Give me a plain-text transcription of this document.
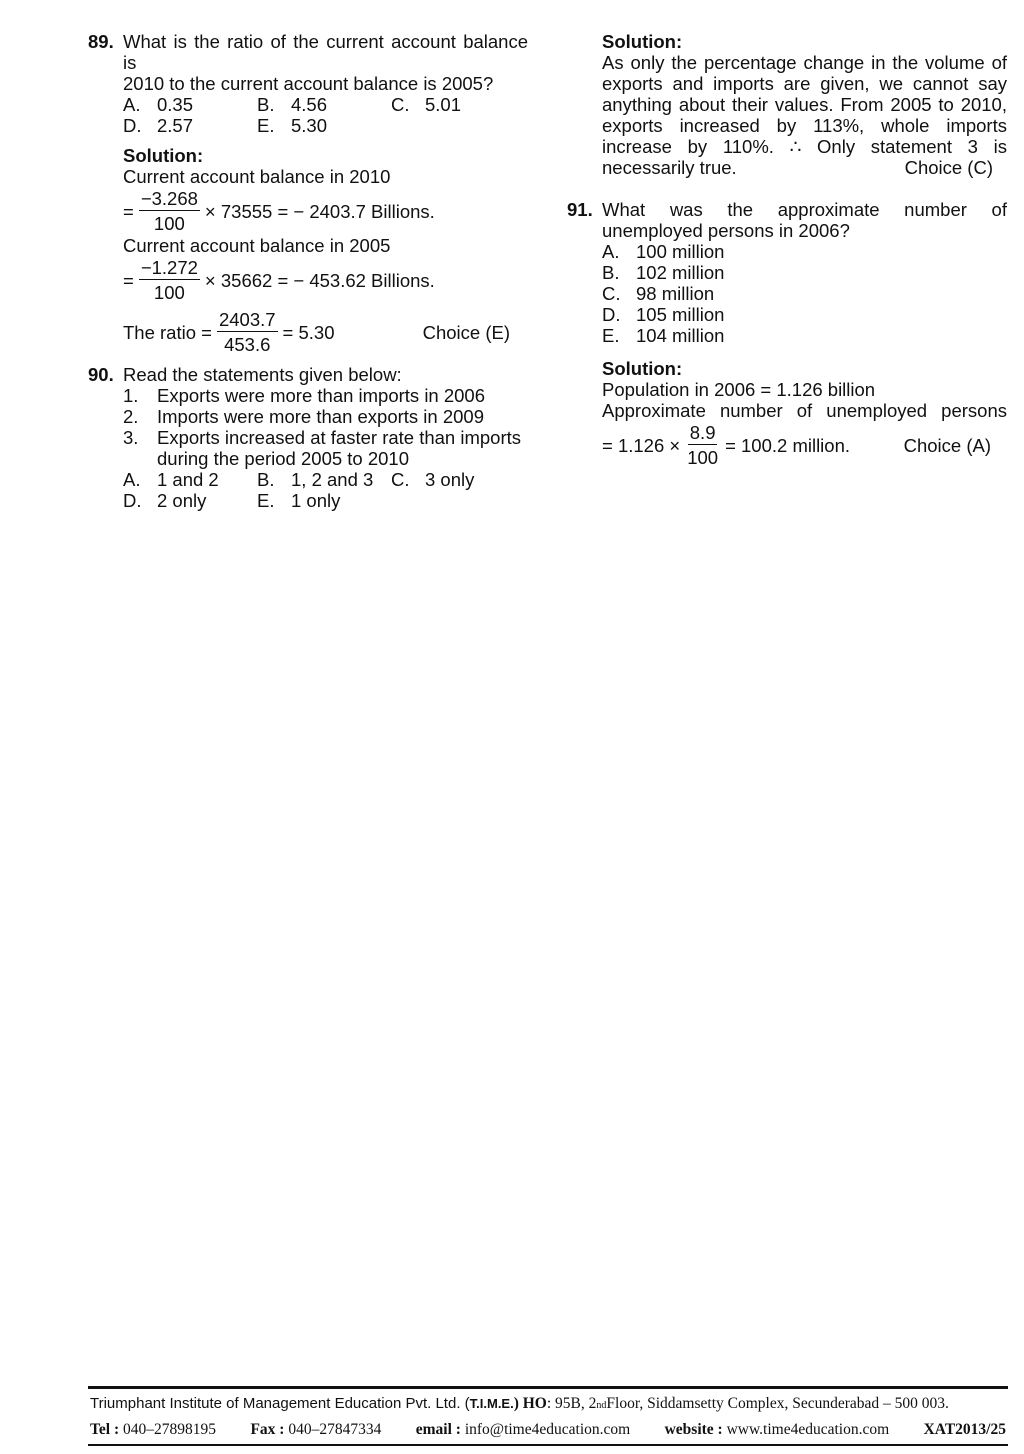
89. What is the ratio of the current account balance is
2010 to the current account balance is 2005?
A. 0.35	B. 4.56	C. 5.01
D. 2.57	E. 5.30
Solution:
Current account balance in 2010
= $\frac{-3.268}{100} \times 73555$ = − 2403.7 Billions.
Current account balance in 2005
= $\frac{-1.272}{100} \times 35662$ = − 453.62 Billions.
The ratio = $\frac{2403.7}{453.6} = 5.30$	Choice (E)
90. Read the statements given below:
1.	Exports were more than imports in 2006
2.	Imports were more than exports in 2009
3.	Exports increased at faster rate than imports
during the period 2005 to 2010
A. 1 and 2 B. 1, 2 and 3 C. 3 only
D. 2 only	E. 1 only
Solution:
As only the percentage change in the volume of
exports and imports are given, we cannot say
anything about their values. From 2005 to 2010,
exports increased by 113%, whole imports
increase by 110%. ∴ Only statement 3 is
necessarily true.	Choice (C)
91. What was the approximate number of
unemployed persons in 2006?
A. 100 million
B. 102 million
C. 98 million
D. 105 million
E. 104 million
Solution:
Population in 2006 = 1.126 billion
Approximate number of unemployed persons
= $1.126 \times \frac{8.9}{100} = 100.2$ million.	Choice (A)
Triumphant Institute of Management Education Pvt. Ltd. ( T.I.M.E. ) HO : 95B, 2 nd Floor, Siddamsetty Complex, Secunderabad – 500 003.
Tel : 040–27898195 Fax : 040–27847334 email : info@time4education.com website : www.time4education.com XAT2013/25
